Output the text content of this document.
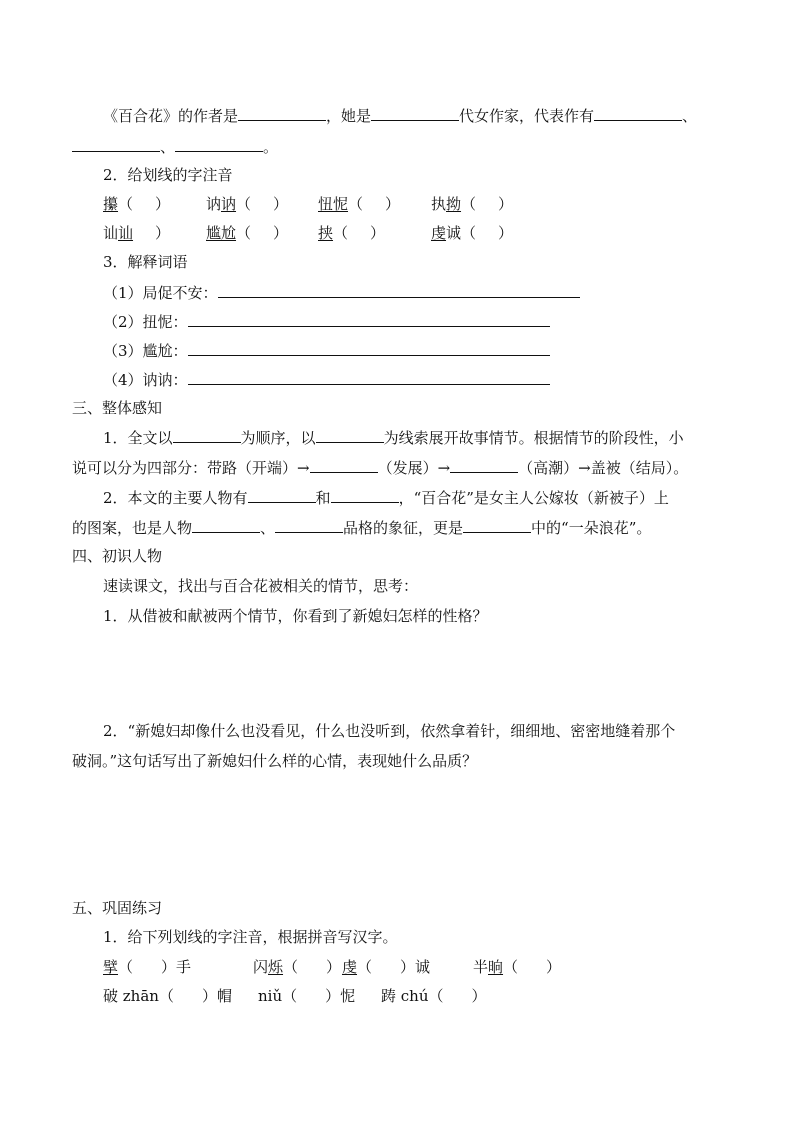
《百合花》的作者是	，她是	代女作家，代表作有	、
、	。
2．给划线的字注音
攥（ ） 讷讷（ ） 忸怩（ ） 执拗（ ）
讪讪 ） 尴尬（ ） 挟（ ）	虔诚（ ）
3．解释词语
（1）局促不安：
（2）扭怩：
（3）尴尬：
（4）讷讷：
三、整体感知
1．全文以	为顺序，以	为线索展开故事情节。根据情节的阶段性，小
说可以分为四部分：带路（开端）→	（发展）→	（高潮）→盖被（结局）。
2．本文的主要人物有	和	，“百合花”是女主人公嫁妆（新被子）上
的图案，也是人物	、	品格的象征，更是	中的“一朵浪花”。
四、初识人物
速读课文，找出与百合花被相关的情节，思考：
1．从借被和献被两个情节，你看到了新媳妇怎样的性格？
2．“新媳妇却像什么也没看见，什么也没听到，依然拿着针，细细地、密密地缝着那个
破洞。”这句话写出了新媳妇什么样的心情，表现她什么品质？
五、巩固练习
1．给下列划线的字注音，根据拼音写汉字。
擘（ ）手	闪烁（ ）虔（ ）诚	半晌（ ）
破 zhān（ ）帽 niǔ（ ）怩 踌 chú（ ）
